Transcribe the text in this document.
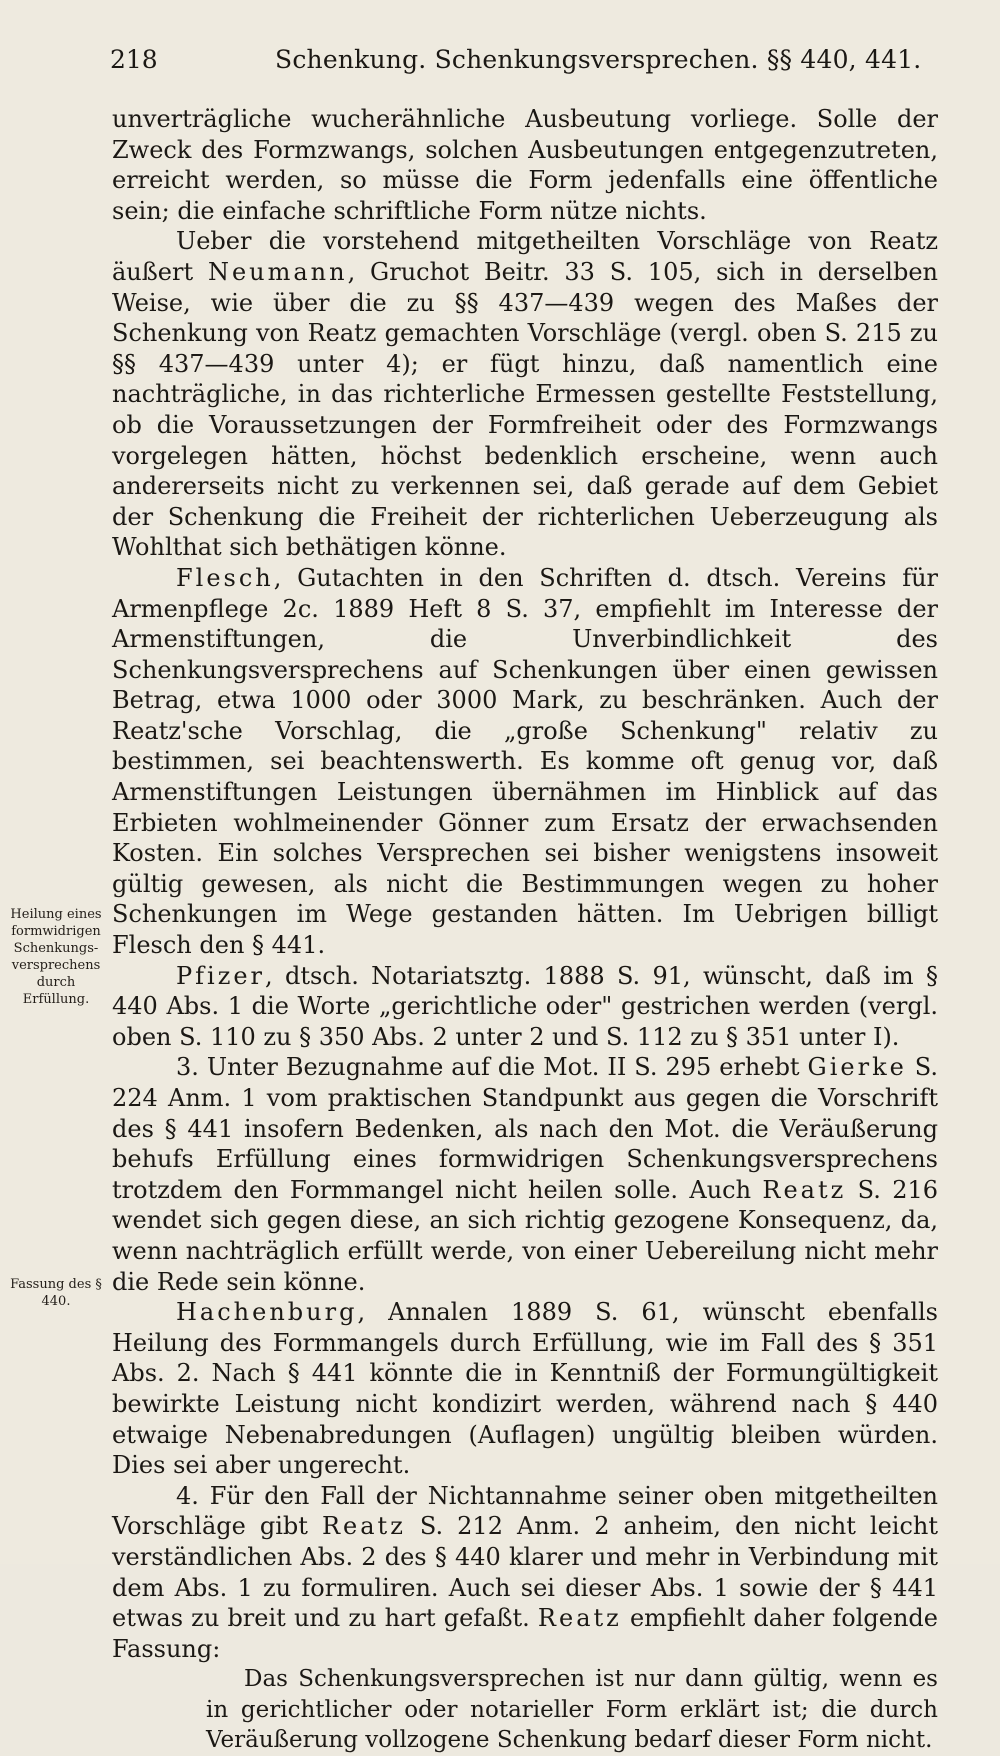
218	Schenkung. Schenkungsversprechen. §§ 440, 441.
Heilung eines formwidrigen Schenkungs-versprechens durch Erfüllung.
Fassung des § 440.

unverträgliche wucherähnliche Ausbeutung vorliege. Solle der Zweck des Formzwangs, solchen Ausbeutungen entgegenzutreten, erreicht werden, so müsse die Form jedenfalls eine öffentliche sein; die einfache schriftliche Form nütze nichts.

Ueber die vorstehend mitgetheilten Vorschläge von Reatz äußert Neumann, Gruchot Beitr. 33 S. 105, sich in derselben Weise, wie über die zu §§ 437—439 wegen des Maßes der Schenkung von Reatz gemachten Vorschläge (vergl. oben S. 215 zu §§ 437—439 unter 4); er fügt hinzu, daß namentlich eine nachträgliche, in das richterliche Ermessen gestellte Feststellung, ob die Voraussetzungen der Formfreiheit oder des Formzwangs vorgelegen hätten, höchst bedenklich erscheine, wenn auch andererseits nicht zu verkennen sei, daß gerade auf dem Gebiet der Schenkung die Freiheit der richterlichen Ueberzeugung als Wohlthat sich bethätigen könne.

Flesch, Gutachten in den Schriften d. dtsch. Vereins für Armenpflege 2c. 1889 Heft 8 S. 37, empfiehlt im Interesse der Armenstiftungen, die Unverbindlichkeit des Schenkungsversprechens auf Schenkungen über einen gewissen Betrag, etwa 1000 oder 3000 Mark, zu beschränken. Auch der Reatz'sche Vorschlag, die „große Schenkung" relativ zu bestimmen, sei beachtenswerth. Es komme oft genug vor, daß Armenstiftungen Leistungen übernähmen im Hinblick auf das Erbieten wohlmeinender Gönner zum Ersatz der erwachsenden Kosten. Ein solches Versprechen sei bisher wenigstens insoweit gültig gewesen, als nicht die Bestimmungen wegen zu hoher Schenkungen im Wege gestanden hätten. Im Uebrigen billigt Flesch den § 441.

Pfizer, dtsch. Notariatsztg. 1888 S. 91, wünscht, daß im § 440 Abs. 1 die Worte „gerichtliche oder" gestrichen werden (vergl. oben S. 110 zu § 350 Abs. 2 unter 2 und S. 112 zu § 351 unter I).

3. Unter Bezugnahme auf die Mot. II S. 295 erhebt Gierke S. 224 Anm. 1 vom praktischen Standpunkt aus gegen die Vorschrift des § 441 insofern Bedenken, als nach den Mot. die Veräußerung behufs Erfüllung eines formwidrigen Schenkungsversprechens trotzdem den Formmangel nicht heilen solle. Auch Reatz S. 216 wendet sich gegen diese, an sich richtig gezogene Konsequenz, da, wenn nachträglich erfüllt werde, von einer Uebereilung nicht mehr die Rede sein könne.

Hachenburg, Annalen 1889 S. 61, wünscht ebenfalls Heilung des Formmangels durch Erfüllung, wie im Fall des § 351 Abs. 2. Nach § 441 könnte die in Kenntniß der Formungültigkeit bewirkte Leistung nicht kondizirt werden, während nach § 440 etwaige Nebenabredungen (Auflagen) ungültig bleiben würden. Dies sei aber ungerecht.

4. Für den Fall der Nichtannahme seiner oben mitgetheilten Vorschläge gibt Reatz S. 212 Anm. 2 anheim, den nicht leicht verständlichen Abs. 2 des § 440 klarer und mehr in Verbindung mit dem Abs. 1 zu formuliren. Auch sei dieser Abs. 1 sowie der § 441 etwas zu breit und zu hart gefaßt. Reatz empfiehlt daher folgende Fassung:

Das Schenkungsversprechen ist nur dann gültig, wenn es in gerichtlicher oder notarieller Form erklärt ist; die durch Veräußerung vollzogene Schenkung bedarf dieser Form nicht.
